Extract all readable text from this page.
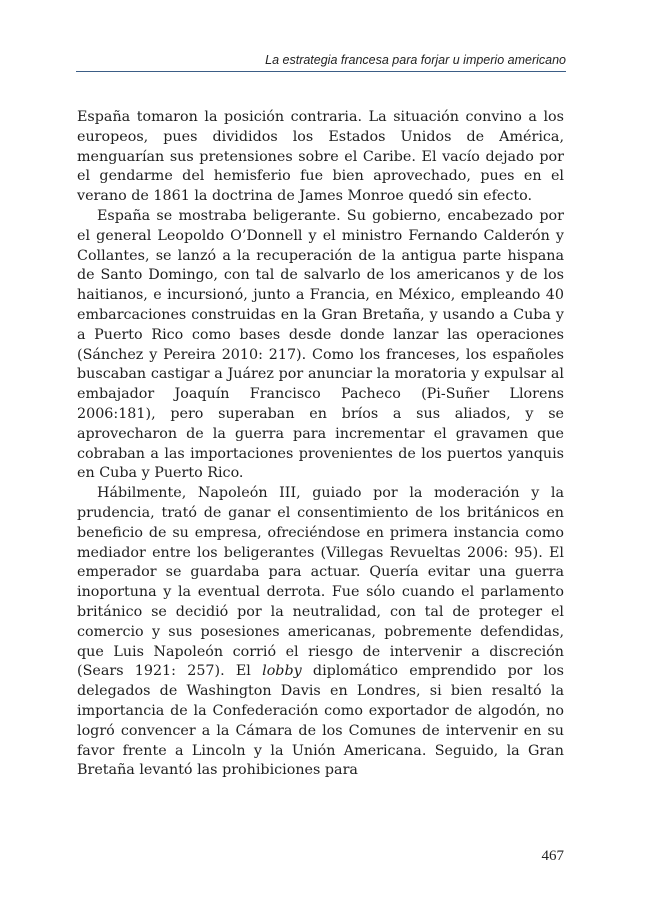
La estrategia francesa para forjar u imperio americano

España tomaron la posición contraria. La situación convino a los europeos, pues divididos los Estados Unidos de América, menguarían sus pretensiones sobre el Caribe. El vacío dejado por el gendarme del hemisferio fue bien aprovechado, pues en el verano de 1861 la doctrina de James Monroe quedó sin efecto.

España se mostraba beligerante. Su gobierno, encabezado por el general Leopoldo O’Donnell y el ministro Fernando Calderón y Collantes, se lanzó a la recuperación de la antigua parte hispana de Santo Domingo, con tal de salvarlo de los americanos y de los haitianos, e incursionó, junto a Francia, en México, empleando 40 embarcaciones construidas en la Gran Bretaña, y usando a Cuba y a Puerto Rico como bases desde donde lanzar las operaciones (Sánchez y Pereira 2010: 217). Como los franceses, los españoles buscaban castigar a Juárez por anunciar la moratoria y expulsar al embajador Joaquín Francisco Pacheco (Pi-Suñer Llorens 2006:181), pero superaban en bríos a sus aliados, y se aprovecharon de la guerra para incrementar el gravamen que cobraban a las importaciones provenientes de los puertos yanquis en Cuba y Puerto Rico.

Hábilmente, Napoleón III, guiado por la moderación y la prudencia, trató de ganar el consentimiento de los británicos en beneficio de su empresa, ofreciéndose en primera instancia como mediador entre los beligerantes (Villegas Revueltas 2006: 95). El emperador se guardaba para actuar. Quería evitar una guerra inoportuna y la eventual derrota. Fue sólo cuando el parlamento británico se decidió por la neutralidad, con tal de proteger el comercio y sus posesiones americanas, pobremente defendidas, que Luis Napoleón corrió el riesgo de intervenir a discreción (Sears 1921: 257). El lobby diplomático emprendido por los delegados de Washington Davis en Londres, si bien resaltó la importancia de la Confederación como exportador de algodón, no logró convencer a la Cámara de los Comunes de intervenir en su favor frente a Lincoln y la Unión Americana. Seguido, la Gran Bretaña levantó las prohibiciones para

467
